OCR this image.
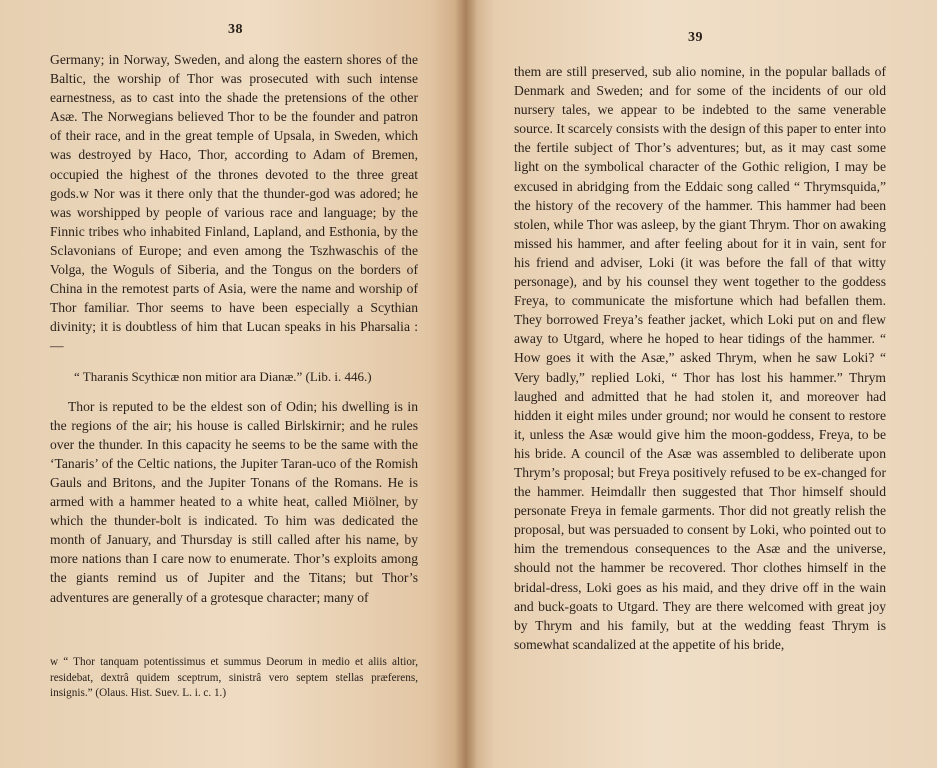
38

Germany; in Norway, Sweden, and along the eastern shores of the Baltic, the worship of Thor was prosecuted with such intense earnestness, as to cast into the shade the pretensions of the other Asæ. The Norwegians believed Thor to be the founder and patron of their race, and in the great temple of Upsala, in Sweden, which was destroyed by Haco, Thor, according to Adam of Bremen, occupied the highest of the thrones devoted to the three great gods.w Nor was it there only that the thunder-god was adored; he was worshipped by people of various race and language; by the Finnic tribes who inhabited Finland, Lapland, and Esthonia, by the Sclavonians of Europe; and even among the Tszhwaschis of the Volga, the Woguls of Siberia, and the Tongus on the borders of China in the remotest parts of Asia, were the name and worship of Thor familiar. Thor seems to have been especially a Scythian divinity; it is doubtless of him that Lucan speaks in his Pharsalia :—

“ Tharanis Scythicæ non mitior ara Dianæ.” (Lib. i. 446.)

Thor is reputed to be the eldest son of Odin; his dwelling is in the regions of the air; his house is called Birlskirnir; and he rules over the thunder. In this capacity he seems to be the same with the ‘Tanaris’ of the Celtic nations, the Jupiter Taran-uco of the Romish Gauls and Britons, and the Jupiter Tonans of the Romans. He is armed with a hammer heated to a white heat, called Miölner, by which the thunder-bolt is indicated. To him was dedicated the month of January, and Thursday is still called after his name, by more nations than I care now to enumerate. Thor’s exploits among the giants remind us of Jupiter and the Titans; but Thor’s adventures are generally of a grotesque character; many of

w “ Thor tanquam potentissimus et summus Deorum in medio et aliis altior, residebat, dextrâ quidem sceptrum, sinistrâ vero septem stellas præferens, insignis.” (Olaus. Hist. Suev. L. i. c. 1.)
39

them are still preserved, sub alio nomine, in the popular ballads of Denmark and Sweden; and for some of the incidents of our old nursery tales, we appear to be indebted to the same venerable source. It scarcely consists with the design of this paper to enter into the fertile subject of Thor’s adventures; but, as it may cast some light on the symbolical character of the Gothic religion, I may be excused in abridging from the Eddaic song called “ Thrymsquida,” the history of the recovery of the hammer. This hammer had been stolen, while Thor was asleep, by the giant Thrym. Thor on awaking missed his hammer, and after feeling about for it in vain, sent for his friend and adviser, Loki (it was before the fall of that witty personage), and by his counsel they went together to the goddess Freya, to communicate the misfortune which had befallen them. They borrowed Freya’s feather jacket, which Loki put on and flew away to Utgard, where he hoped to hear tidings of the hammer. “ How goes it with the Asæ,” asked Thrym, when he saw Loki? “ Very badly,” replied Loki, “ Thor has lost his hammer.” Thrym laughed and admitted that he had stolen it, and moreover had hidden it eight miles under ground; nor would he consent to restore it, unless the Asæ would give him the moon-goddess, Freya, to be his bride. A council of the Asæ was assembled to deliberate upon Thrym’s proposal; but Freya positively refused to be ex-changed for the hammer. Heimdallr then suggested that Thor himself should personate Freya in female garments. Thor did not greatly relish the proposal, but was persuaded to consent by Loki, who pointed out to him the tremendous consequences to the Asæ and the universe, should not the hammer be recovered. Thor clothes himself in the bridal-dress, Loki goes as his maid, and they drive off in the wain and buck-goats to Utgard. They are there welcomed with great joy by Thrym and his family, but at the wedding feast Thrym is somewhat scandalized at the appetite of his bride,
